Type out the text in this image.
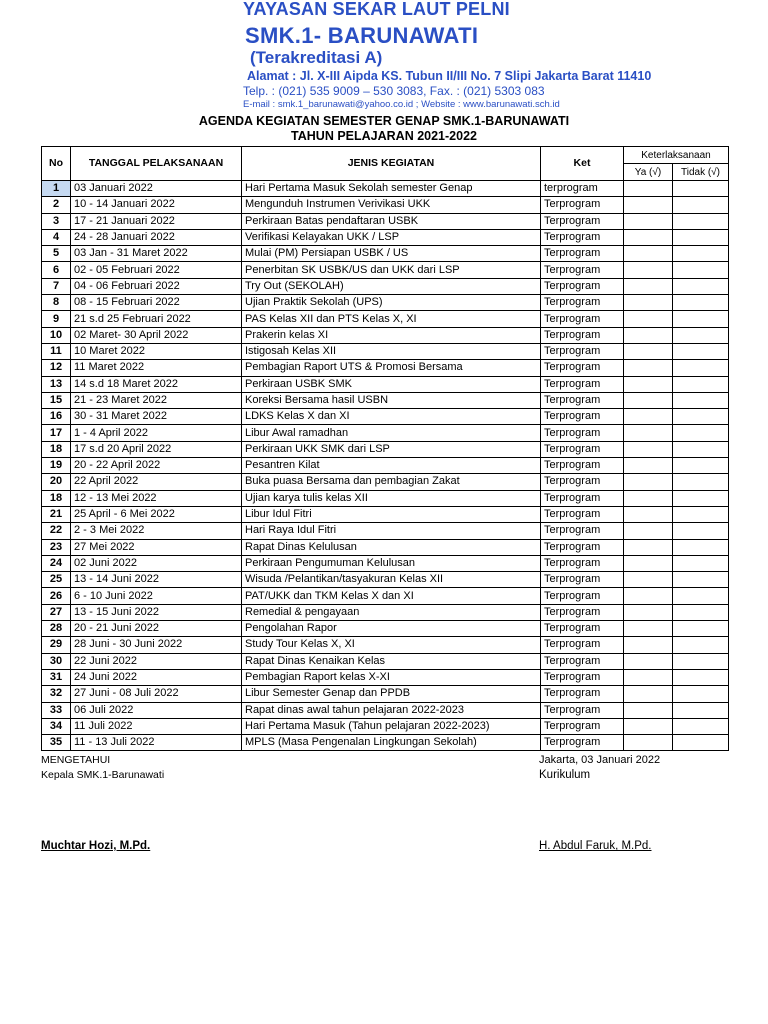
YAYASAN SEKAR LAUT PELNI
SMK.1- BARUNAWATI
(Terakreditasi A)
Alamat : Jl. X-III Aipda KS. Tubun II/III No. 7 Slipi Jakarta Barat 11410
Telp. : (021) 535 9009 – 530 3083, Fax. : (021) 5303 083
E-mail : smk.1_barunawati@yahoo.co.id ; Website : www.barunawati.sch.id
AGENDA KEGIATAN SEMESTER GENAP SMK.1-BARUNAWATI
TAHUN PELAJARAN 2021-2022
No	TANGGAL PELAKSANAAN	JENIS KEGIATAN	Ket	Keterlaksanaan	
				Ya (√)	Tidak (√)
1	03 Januari 2022	Hari Pertama Masuk Sekolah semester Genap	terprogram		
2	10 - 14 Januari 2022	Mengunduh Instrumen Verivikasi UKK	Terprogram		
3	17 - 21 Januari 2022	Perkiraan Batas pendaftaran USBK	Terprogram		
4	24 - 28 Januari 2022	Verifikasi Kelayakan UKK / LSP	Terprogram		
5	03 Jan - 31 Maret 2022	Mulai (PM) Persiapan USBK / US	Terprogram		
6	02 - 05 Februari 2022	Penerbitan SK USBK/US dan UKK dari LSP	Terprogram		
7	04 - 06 Februari 2022	Try Out (SEKOLAH)	Terprogram		
8	08 - 15 Februari 2022	Ujian Praktik Sekolah (UPS)	Terprogram		
9	21 s.d 25 Februari 2022	PAS Kelas XII dan PTS Kelas X, XI	Terprogram		
10	02 Maret- 30 April 2022	Prakerin kelas XI	Terprogram		
11	10 Maret 2022	Istigosah Kelas XII	Terprogram		
12	11 Maret 2022	Pembagian Raport UTS & Promosi Bersama	Terprogram		
13	14 s.d 18 Maret 2022	Perkiraan USBK SMK	Terprogram		
15	21 - 23 Maret 2022	Koreksi Bersama hasil USBN	Terprogram		
16	30 - 31 Maret 2022	LDKS Kelas X dan XI	Terprogram		
17	1 - 4 April 2022	Libur Awal ramadhan	Terprogram		
18	17 s.d 20 April 2022	Perkiraan UKK SMK dari LSP	Terprogram		
19	20 - 22 April 2022	Pesantren Kilat	Terprogram		
20	22 April 2022	Buka puasa Bersama dan pembagian Zakat	Terprogram		
18	12 - 13 Mei 2022	Ujian karya tulis kelas XII	Terprogram		
21	25 April - 6 Mei 2022	Libur Idul Fitri	Terprogram		
22	2 - 3 Mei 2022	Hari Raya Idul Fitri	Terprogram		
23	27 Mei 2022	Rapat Dinas Kelulusan	Terprogram		
24	02 Juni 2022	Perkiraan Pengumuman Kelulusan	Terprogram		
25	13 - 14 Juni 2022	Wisuda /Pelantikan/tasyakuran Kelas XII	Terprogram		
26	6 - 10 Juni 2022	PAT/UKK dan TKM Kelas X dan XI	Terprogram		
27	13 - 15 Juni 2022	Remedial & pengayaan	Terprogram		
28	20 - 21 Juni 2022	Pengolahan Rapor	Terprogram		
29	28 Juni - 30 Juni 2022	Study Tour Kelas X, XI	Terprogram		
30	22 Juni 2022	Rapat Dinas Kenaikan Kelas	Terprogram		
31	24 Juni 2022	Pembagian Raport kelas X-XI	Terprogram		
32	27 Juni - 08 Juli 2022	Libur Semester Genap dan PPDB	Terprogram		
33	06 Juli 2022	Rapat dinas awal tahun pelajaran 2022-2023	Terprogram		
34	11 Juli 2022	Hari Pertama Masuk (Tahun pelajaran 2022-2023)	Terprogram		
35	11 - 13 Juli 2022	MPLS (Masa Pengenalan Lingkungan Sekolah)	Terprogram		
MENGETAHUI
Kepala SMK.1-Barunawati
Jakarta, 03 Januari 2022
Kurikulum
Muchtar Hozi, M.Pd.	H. Abdul Faruk, M.Pd.
